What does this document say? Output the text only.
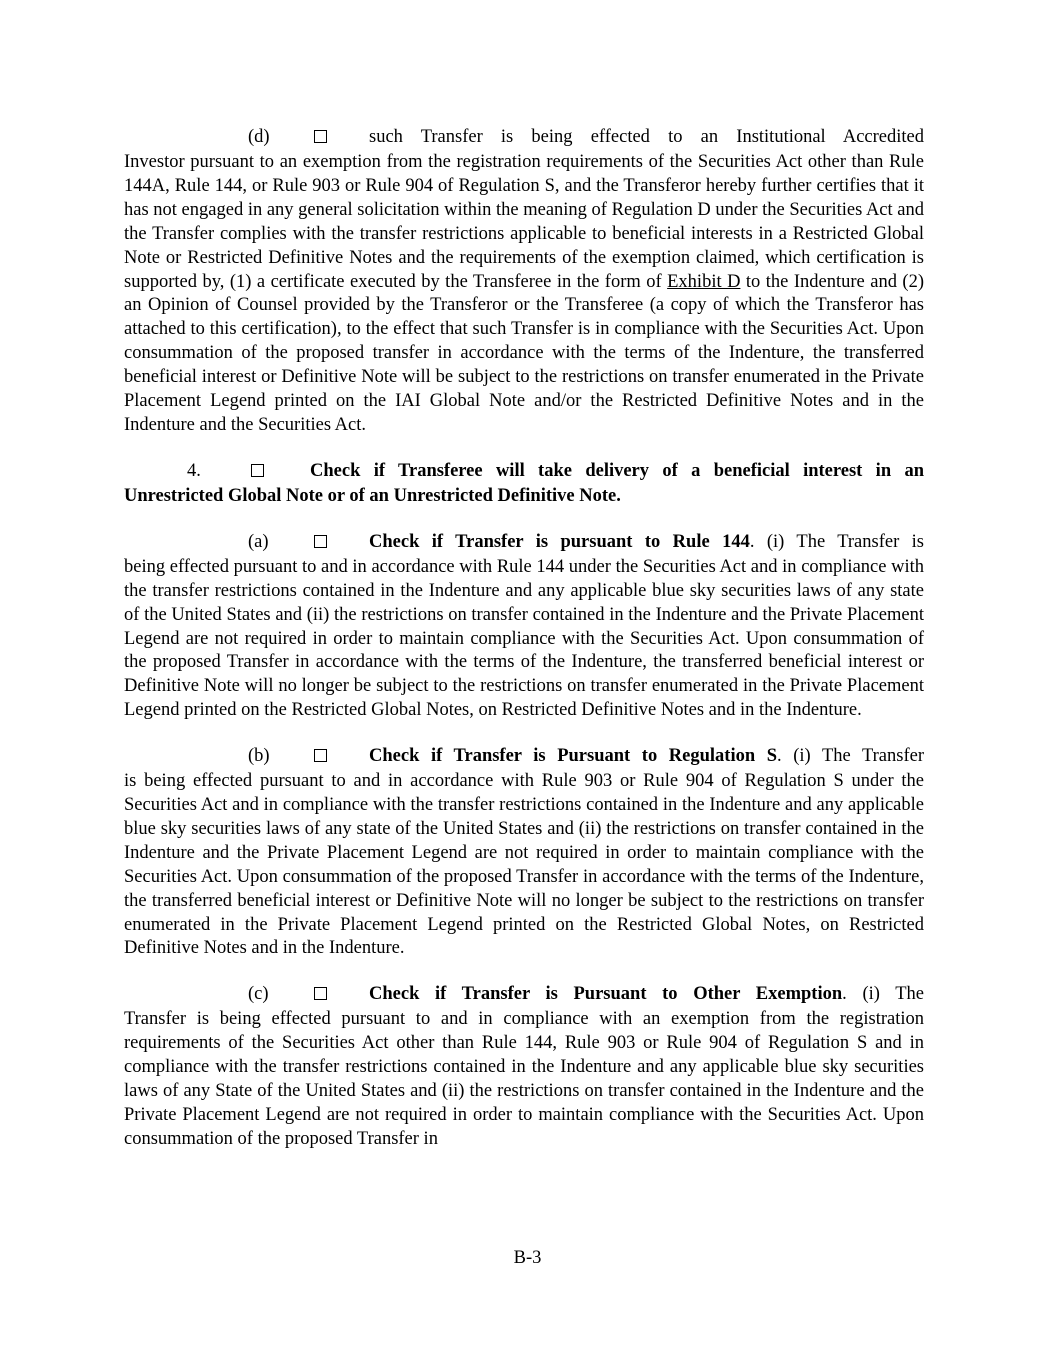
(d)	such Transfer is being effected to an Institutional Accredited
Investor pursuant to an exemption from the registration requirements of the Securities Act other than Rule 144A, Rule 144, or Rule 903 or Rule 904 of Regulation S, and the Transferor hereby further certifies that it has not engaged in any general solicitation within the meaning of Regulation D under the Securities Act and the Transfer complies with the transfer restrictions applicable to beneficial interests in a Restricted Global Note or Restricted Definitive Notes and the requirements of the exemption claimed, which certification is supported by, (1) a certificate executed by the Transferee in the form of Exhibit D to the Indenture and (2) an Opinion of Counsel provided by the Transferor or the Transferee (a copy of which the Transferor has attached to this certification), to the effect that such Transfer is in compliance with the Securities Act. Upon consummation of the proposed transfer in accordance with the terms of the Indenture, the transferred beneficial interest or Definitive Note will be subject to the restrictions on transfer enumerated in the Private Placement Legend printed on the IAI Global Note and/or the Restricted Definitive Notes and in the Indenture and the Securities Act.
4.	Check if Transferee will take delivery of a beneficial interest in an
Unrestricted Global Note or of an Unrestricted Definitive Note.
(a)	Check if Transfer is pursuant to Rule 144. (i) The Transfer is
being effected pursuant to and in accordance with Rule 144 under the Securities Act and in compliance with the transfer restrictions contained in the Indenture and any applicable blue sky securities laws of any state of the United States and (ii) the restrictions on transfer contained in the Indenture and the Private Placement Legend are not required in order to maintain compliance with the Securities Act. Upon consummation of the proposed Transfer in accordance with the terms of the Indenture, the transferred beneficial interest or Definitive Note will no longer be subject to the restrictions on transfer enumerated in the Private Placement Legend printed on the Restricted Global Notes, on Restricted Definitive Notes and in the Indenture.
(b)	Check if Transfer is Pursuant to Regulation S. (i) The Transfer
is being effected pursuant to and in accordance with Rule 903 or Rule 904 of Regulation S under the Securities Act and in compliance with the transfer restrictions contained in the Indenture and any applicable blue sky securities laws of any state of the United States and (ii) the restrictions on transfer contained in the Indenture and the Private Placement Legend are not required in order to maintain compliance with the Securities Act. Upon consummation of the proposed Transfer in accordance with the terms of the Indenture, the transferred beneficial interest or Definitive Note will no longer be subject to the restrictions on transfer enumerated in the Private Placement Legend printed on the Restricted Global Notes, on Restricted Definitive Notes and in the Indenture.
(c)	Check if Transfer is Pursuant to Other Exemption. (i) The
Transfer is being effected pursuant to and in compliance with an exemption from the registration requirements of the Securities Act other than Rule 144, Rule 903 or Rule 904 of Regulation S and in compliance with the transfer restrictions contained in the Indenture and any applicable blue sky securities laws of any State of the United States and (ii) the restrictions on transfer contained in the Indenture and the Private Placement Legend are not required in order to maintain compliance with the Securities Act. Upon consummation of the proposed Transfer in
B-3
